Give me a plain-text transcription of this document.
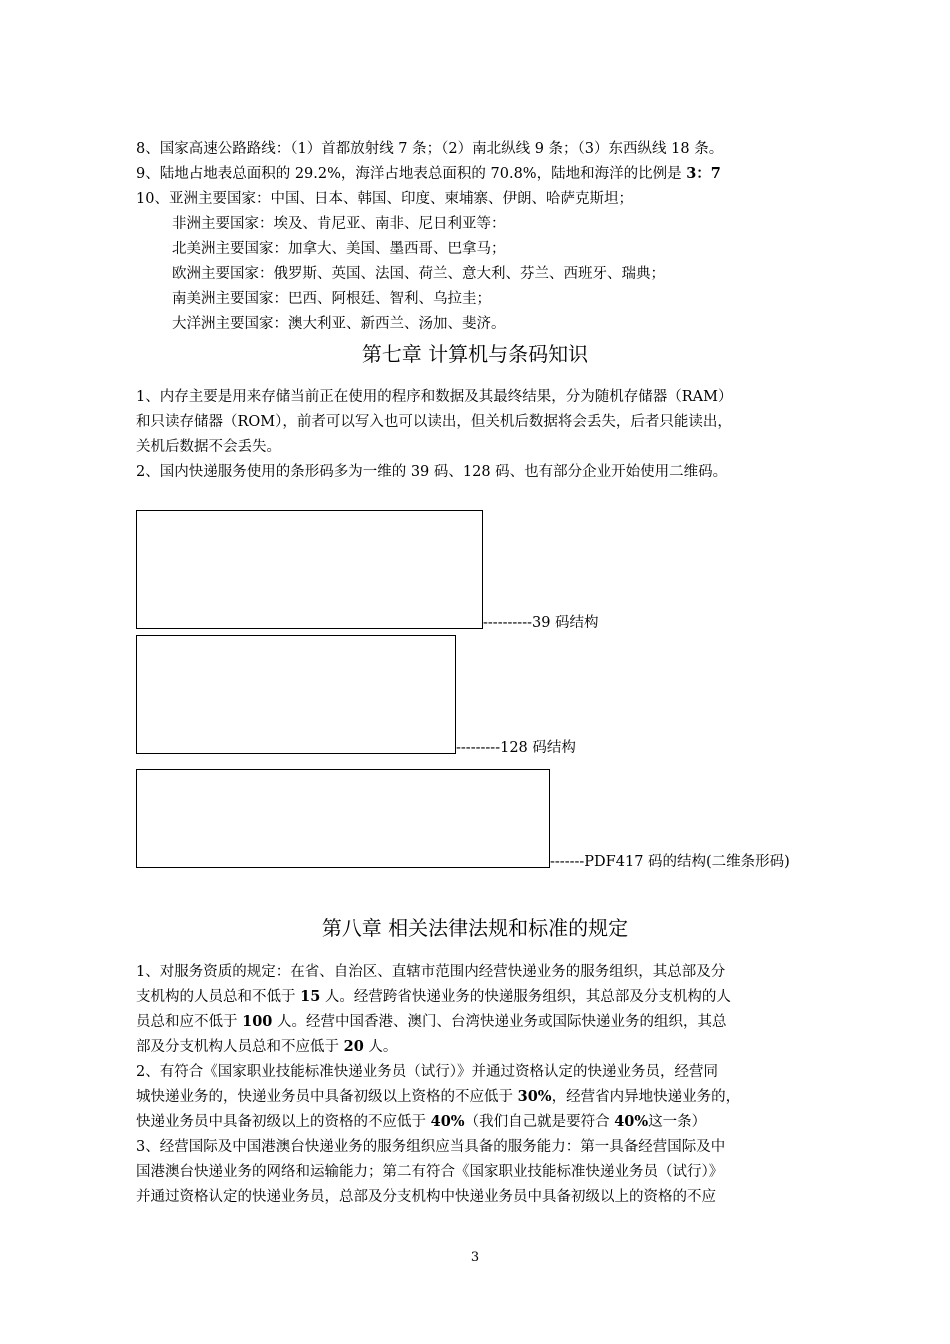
8、国家高速公路路线：（1）首都放射线 7 条；（2）南北纵线 9 条；（3）东西纵线 18 条。
9、陆地占地表总面积的 29.2%，海洋占地表总面积的 70.8%，陆地和海洋的比例是 3：7
10、亚洲主要国家：中国、日本、韩国、印度、柬埔寨、伊朗、哈萨克斯坦；
非洲主要国家：埃及、肯尼亚、南非、尼日利亚等：
北美洲主要国家：加拿大、美国、墨西哥、巴拿马；
欧洲主要国家：俄罗斯、英国、法国、荷兰、意大利、芬兰、西班牙、瑞典；
南美洲主要国家：巴西、阿根廷、智利、乌拉圭；
大洋洲主要国家：澳大利亚、新西兰、汤加、斐济。
第七章 计算机与条码知识
1、内存主要是用来存储当前正在使用的程序和数据及其最终结果，分为随机存储器（RAM）
和只读存储器（ROM），前者可以写入也可以读出，但关机后数据将会丢失，后者只能读出，
关机后数据不会丢失。
2、国内快递服务使用的条形码多为一维的 39 码、128 码、也有部分企业开始使用二维码。
----------39 码结构
---------128 码结构
-------PDF417 码的结构(二维条形码)
第八章 相关法律法规和标准的规定
1、对服务资质的规定：在省、自治区、直辖市范围内经营快递业务的服务组织，其总部及分
支机构的人员总和不低于 15 人。经营跨省快递业务的快递服务组织，其总部及分支机构的人
员总和应不低于 100 人。经营中国香港、澳门、台湾快递业务或国际快递业务的组织，其总
部及分支机构人员总和不应低于 20 人。
2、有符合《国家职业技能标准快递业务员（试行）》并通过资格认定的快递业务员，经营同
城快递业务的，快递业务员中具备初级以上资格的不应低于 30%，经营省内异地快递业务的，
快递业务员中具备初级以上的资格的不应低于 40%（我们自己就是要符合 40%这一条）
3、经营国际及中国港澳台快递业务的服务组织应当具备的服务能力：第一具备经营国际及中
国港澳台快递业务的网络和运输能力；第二有符合《国家职业技能标准快递业务员（试行）》
并通过资格认定的快递业务员，总部及分支机构中快递业务员中具备初级以上的资格的不应
3
